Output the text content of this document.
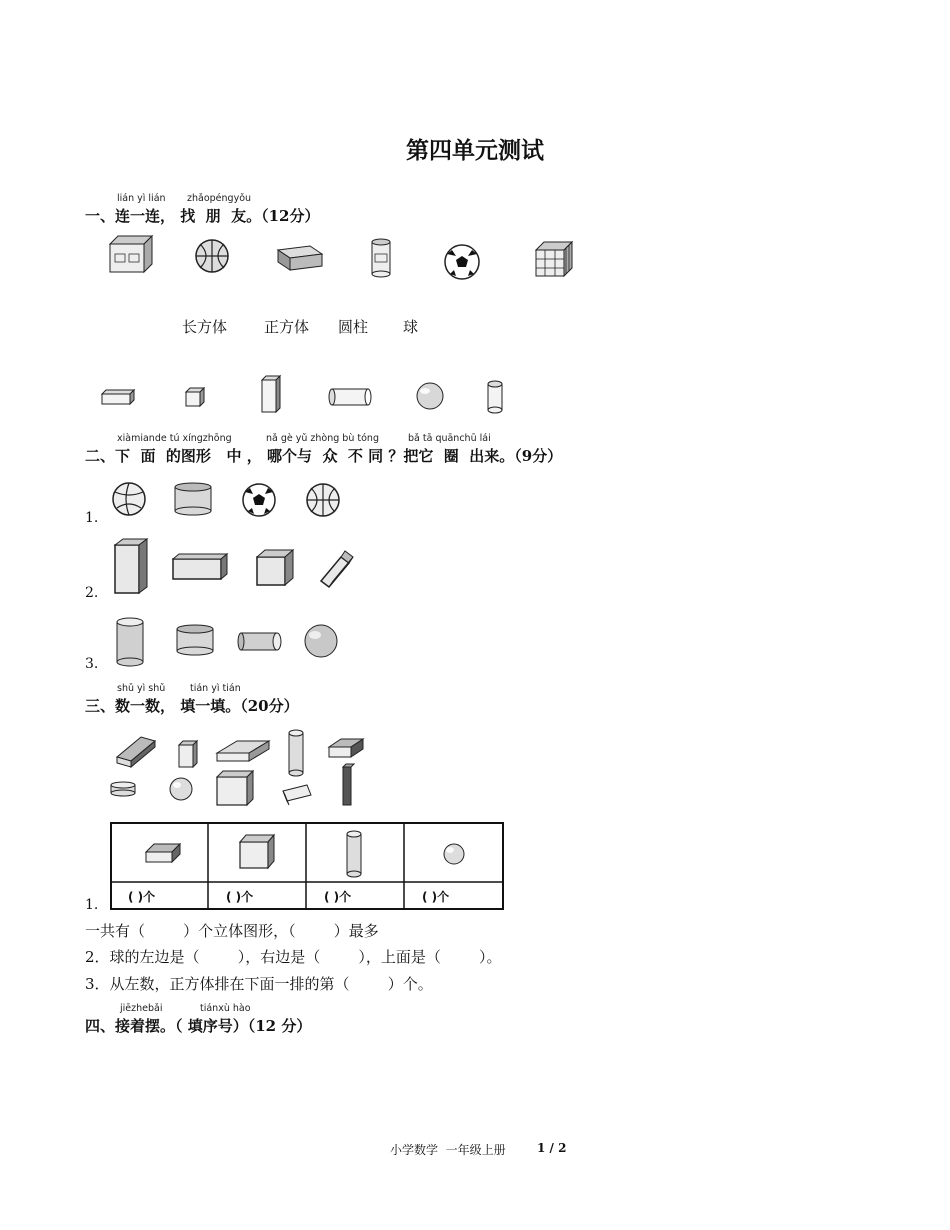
第四单元测试
lián yì lián zhǎopéngyǒu
一、连一连， 找  朋  友。（12分）
长方体 正方体 圆柱 球
xiàmiande tú xíngzhōng	nǎ gè yǔ zhòng bù tóng	bǎ tā quānchū lái
二、下  面  的图形   中 ， 哪个与  众  不 同 ？把它  圈  出来。（9分）
1.
2.
3.
shǔ yì shǔ	tián yì tián
三、数一数， 填一填。（20分）
1. ( )个	( )个	( )个	( )个
一共有（        ）个立体图形，（        ）最多
2．球的左边是（        ），右边是（        ），上面是（        ）。
3．从左数，正方体排在下面一排的第（        ）个。
jiēzhebǎi	tiánxù hào
四、接着摆。（ 填序号）（12 分）
小学数学  一年级上册	1 / 2
